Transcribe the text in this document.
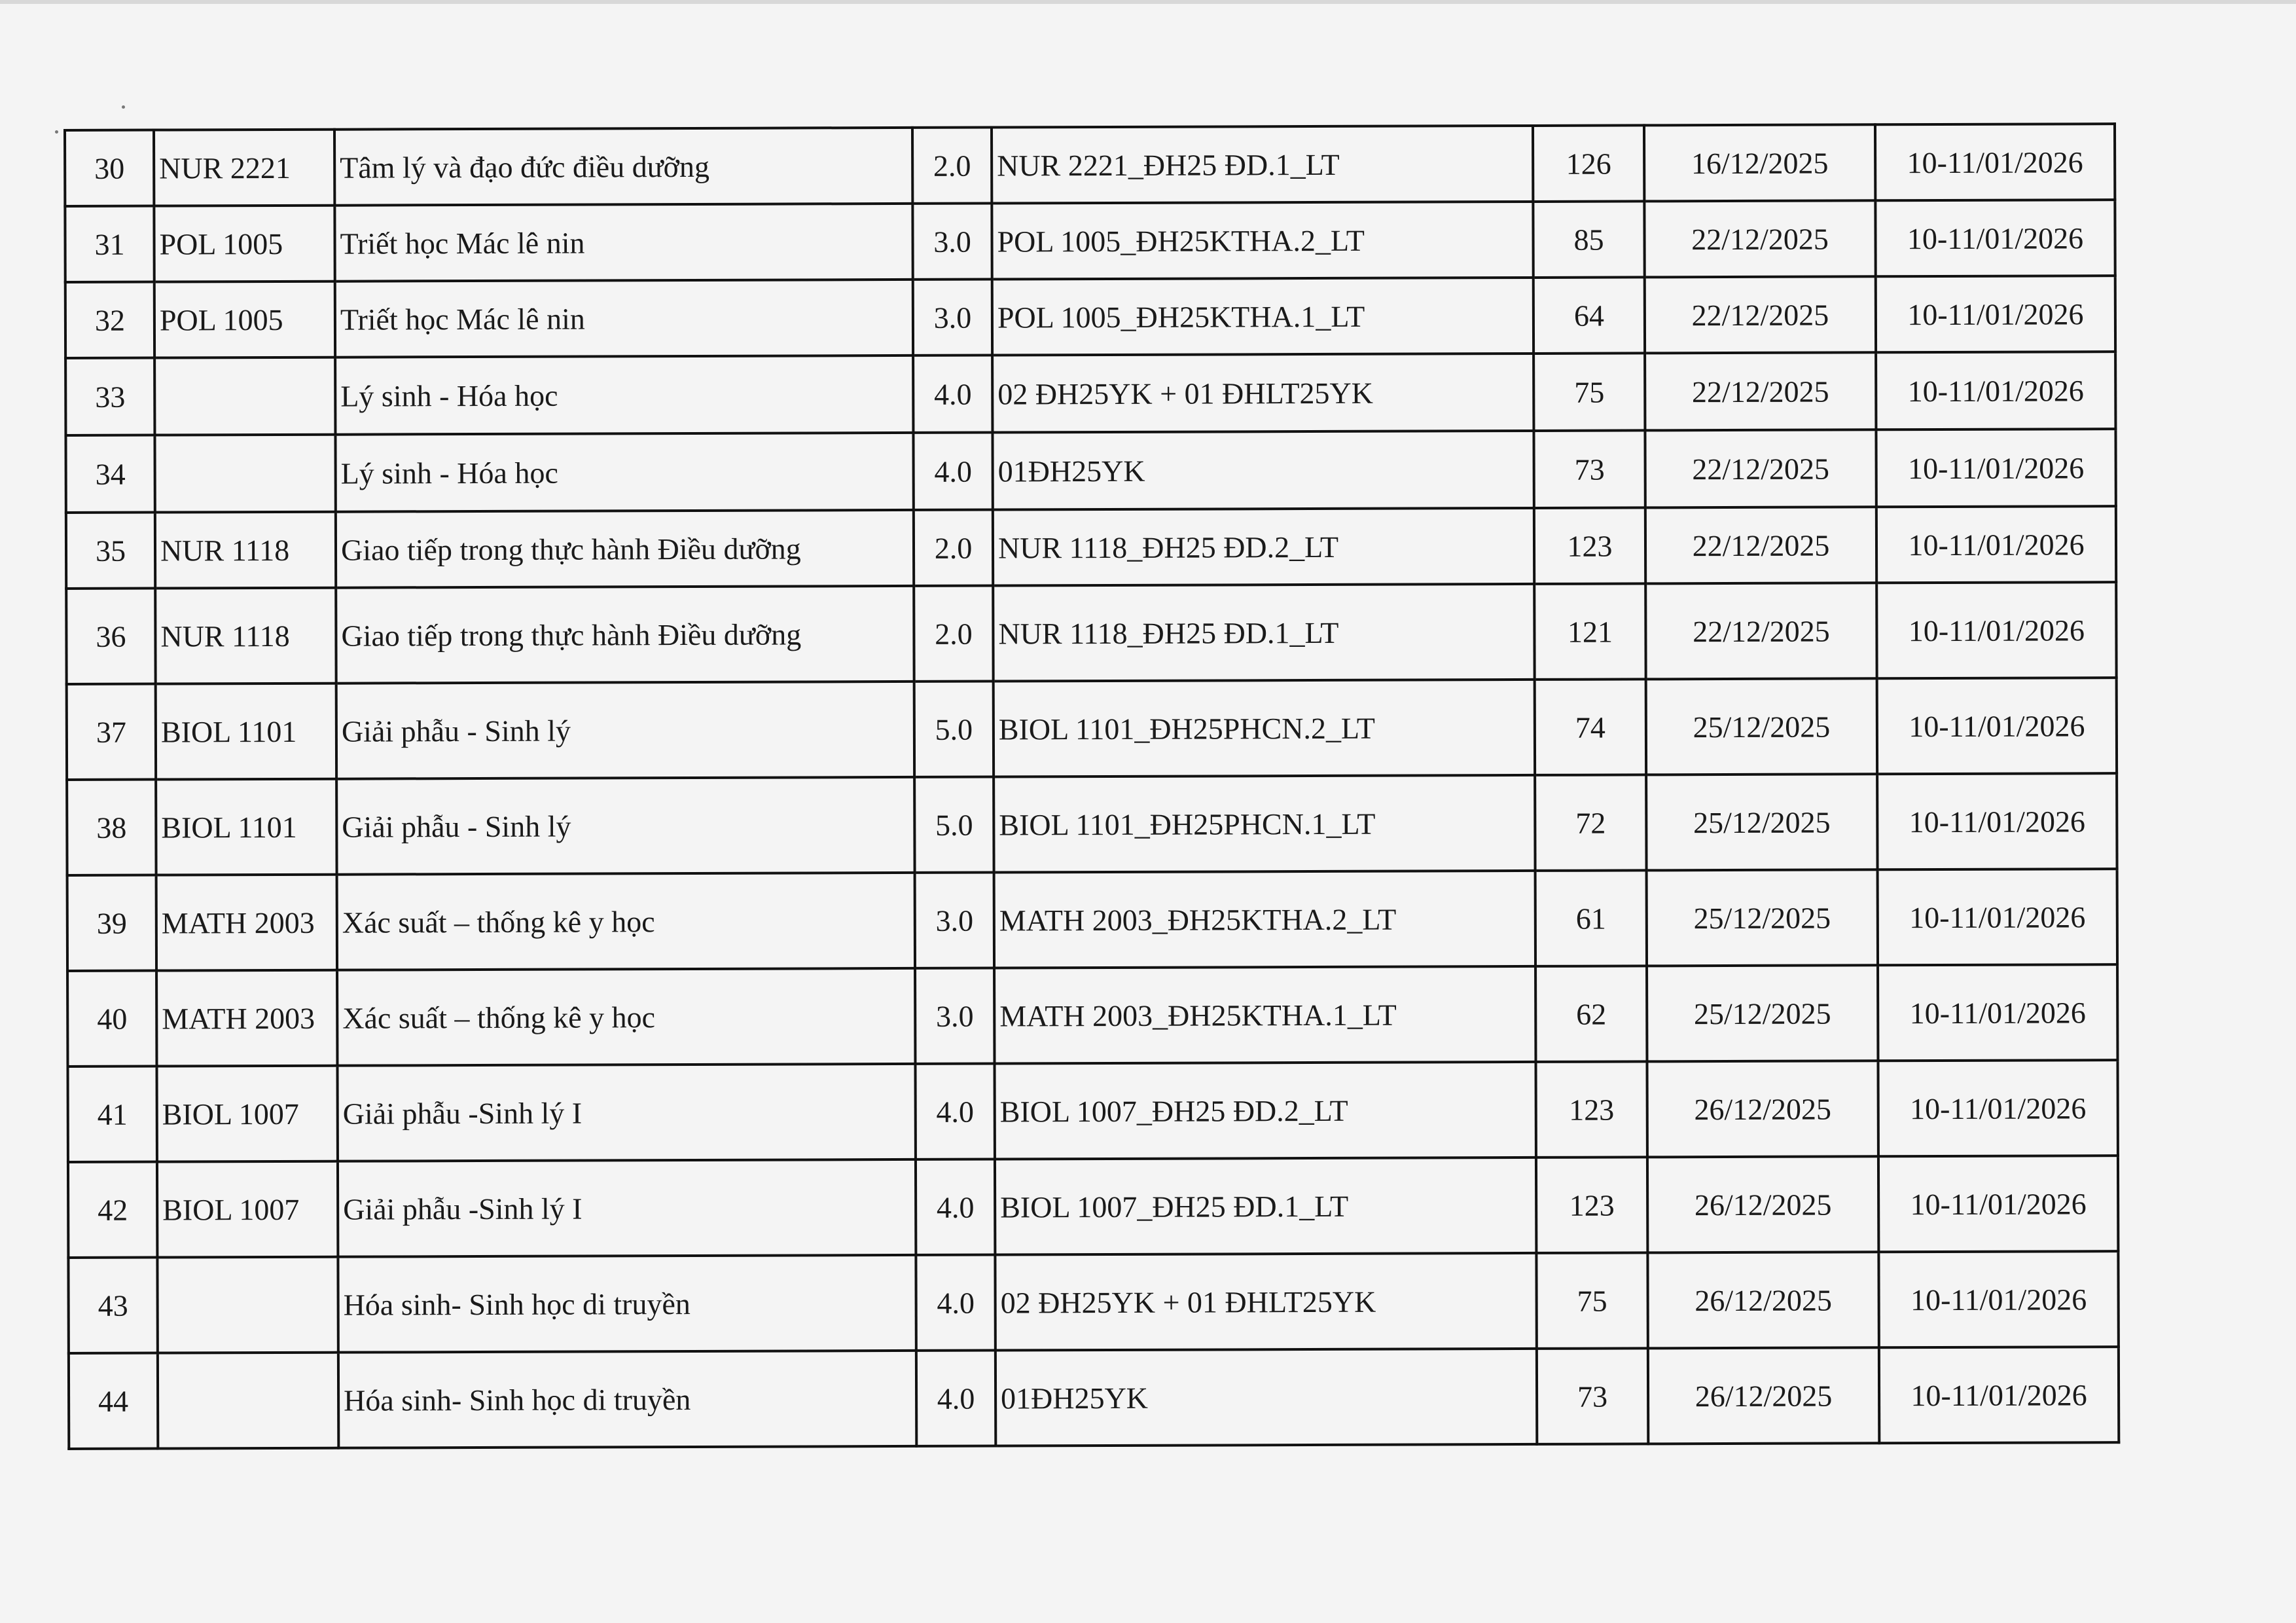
30	NUR 2221	Tâm lý và đạo đức điều dưỡng	2.0	NUR 2221_ĐH25 ĐD.1_LT	126	16/12/2025	10-11/01/2026
31	POL 1005	Triết học Mác lê nin	3.0	POL 1005_ĐH25KTHA.2_LT	85	22/12/2025	10-11/01/2026
32	POL 1005	Triết học Mác lê nin	3.0	POL 1005_ĐH25KTHA.1_LT	64	22/12/2025	10-11/01/2026
33		Lý sinh - Hóa học	4.0	02 ĐH25YK + 01 ĐHLT25YK	75	22/12/2025	10-11/01/2026
34		Lý sinh - Hóa học	4.0	01ĐH25YK	73	22/12/2025	10-11/01/2026
35	NUR 1118	Giao tiếp trong thực hành Điều dưỡng	2.0	NUR 1118_ĐH25 ĐD.2_LT	123	22/12/2025	10-11/01/2026
36	NUR 1118	Giao tiếp trong thực hành Điều dưỡng	2.0	NUR 1118_ĐH25 ĐD.1_LT	121	22/12/2025	10-11/01/2026
37	BIOL 1101	Giải phẫu - Sinh lý	5.0	BIOL 1101_ĐH25PHCN.2_LT	74	25/12/2025	10-11/01/2026
38	BIOL 1101	Giải phẫu - Sinh lý	5.0	BIOL 1101_ĐH25PHCN.1_LT	72	25/12/2025	10-11/01/2026
39	MATH 2003	Xác suất – thống kê y học	3.0	MATH 2003_ĐH25KTHA.2_LT	61	25/12/2025	10-11/01/2026
40	MATH 2003	Xác suất – thống kê y học	3.0	MATH 2003_ĐH25KTHA.1_LT	62	25/12/2025	10-11/01/2026
41	BIOL 1007	Giải phẫu -Sinh lý I	4.0	BIOL 1007_ĐH25 ĐD.2_LT	123	26/12/2025	10-11/01/2026
42	BIOL 1007	Giải phẫu -Sinh lý I	4.0	BIOL 1007_ĐH25 ĐD.1_LT	123	26/12/2025	10-11/01/2026
43		Hóa sinh- Sinh học di truyền	4.0	02 ĐH25YK + 01 ĐHLT25YK	75	26/12/2025	10-11/01/2026
44		Hóa sinh- Sinh học di truyền	4.0	01ĐH25YK	73	26/12/2025	10-11/01/2026
